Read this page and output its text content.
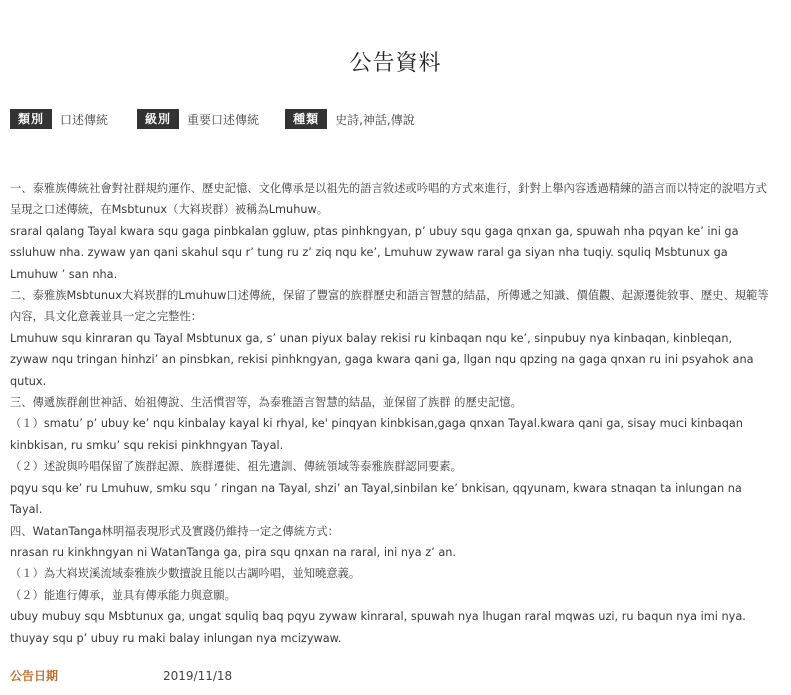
公告資料
類別	口述傳統	級別	重要口述傳統	種類	史詩,神話,傳說

一、泰雅族傳統社會對社群規約運作、歷史記憶、文化傳承是以祖先的語言敘述或吟唱的方式來進行，針對上舉內容透過精練的語言而以特定的說唱方式呈現之口述傳統，在Msbtunux（大嵙崁群）被稱為Lmuhuw。

sraral qalang Tayal kwara squ gaga pinbkalan ggluw, ptas pinhkngyan, p’ ubuy squ gaga qnxan ga, spuwah nha pqyan ke’ ini ga ssluhuw nha. zywaw yan qani skahul squ r’ tung ru z’ ziq nqu ke’, Lmuhuw zywaw raral ga siyan nha tuqiy. squliq Msbtunux ga Lmuhuw ’ san nha.

二、泰雅族Msbtunux大嵙崁群的Lmuhuw口述傳統，保留了豐富的族群歷史和語言智慧的結晶，所傳遞之知識、價值觀、起源遷徙敘事、歷史、規範等內容，具文化意義並具一定之完整性：

Lmuhuw squ kinraran qu Tayal Msbtunux ga, s’ unan piyux balay rekisi ru kinbaqan nqu ke’, sinpubuy nya kinbaqan, kinbleqan, zywaw nqu tringan hinhzi’ an pinsbkan, rekisi pinhkngyan, gaga kwara qani ga, llgan nqu qpzing na gaga qnxan ru ini psyahok ana qutux.

三、傳遞族群創世神話、始祖傳說、生活慣習等，為泰雅語言智慧的結晶，並保留了族群 的歷史記憶。

（１）smatu’ p’ ubuy ke’ nqu kinbalay kayal ki rhyal, ke' pinqyan kinbkisan,gaga qnxan Tayal.kwara qani ga, sisay muci kinbaqan kinbkisan, ru smku’ squ rekisi pinkhngyan Tayal.

（２）述說與吟唱保留了族群起源、族群遷徙、祖先遺訓、傳統領域等泰雅族群認同要素。

pqyu squ ke’ ru Lmuhuw, smku squ ’ ringan na Tayal, shzi’ an Tayal,sinbilan ke’ bnkisan, qqyunam, kwara stnaqan ta inlungan na Tayal.

四、WatanTanga林明福表現形式及實踐仍維持一定之傳統方式：

nrasan ru kinkhngyan ni WatanTanga ga, pira squ qnxan na raral, ini nya z’ an.

（１）為大嵙崁溪流域泰雅族少數擅說且能以古調吟唱，並知曉意義。

（２）能進行傳承，並具有傳承能力與意願。

ubuy mubuy squ Msbtunux ga, ungat squliq baq pqyu zywaw kinraral, spuwah nya lhugan raral mqwas uzi, ru baqun nya imi nya. thuyay squ p’ ubuy ru maki balay inlungan nya mcizywaw.

公告日期	2019/11/18
